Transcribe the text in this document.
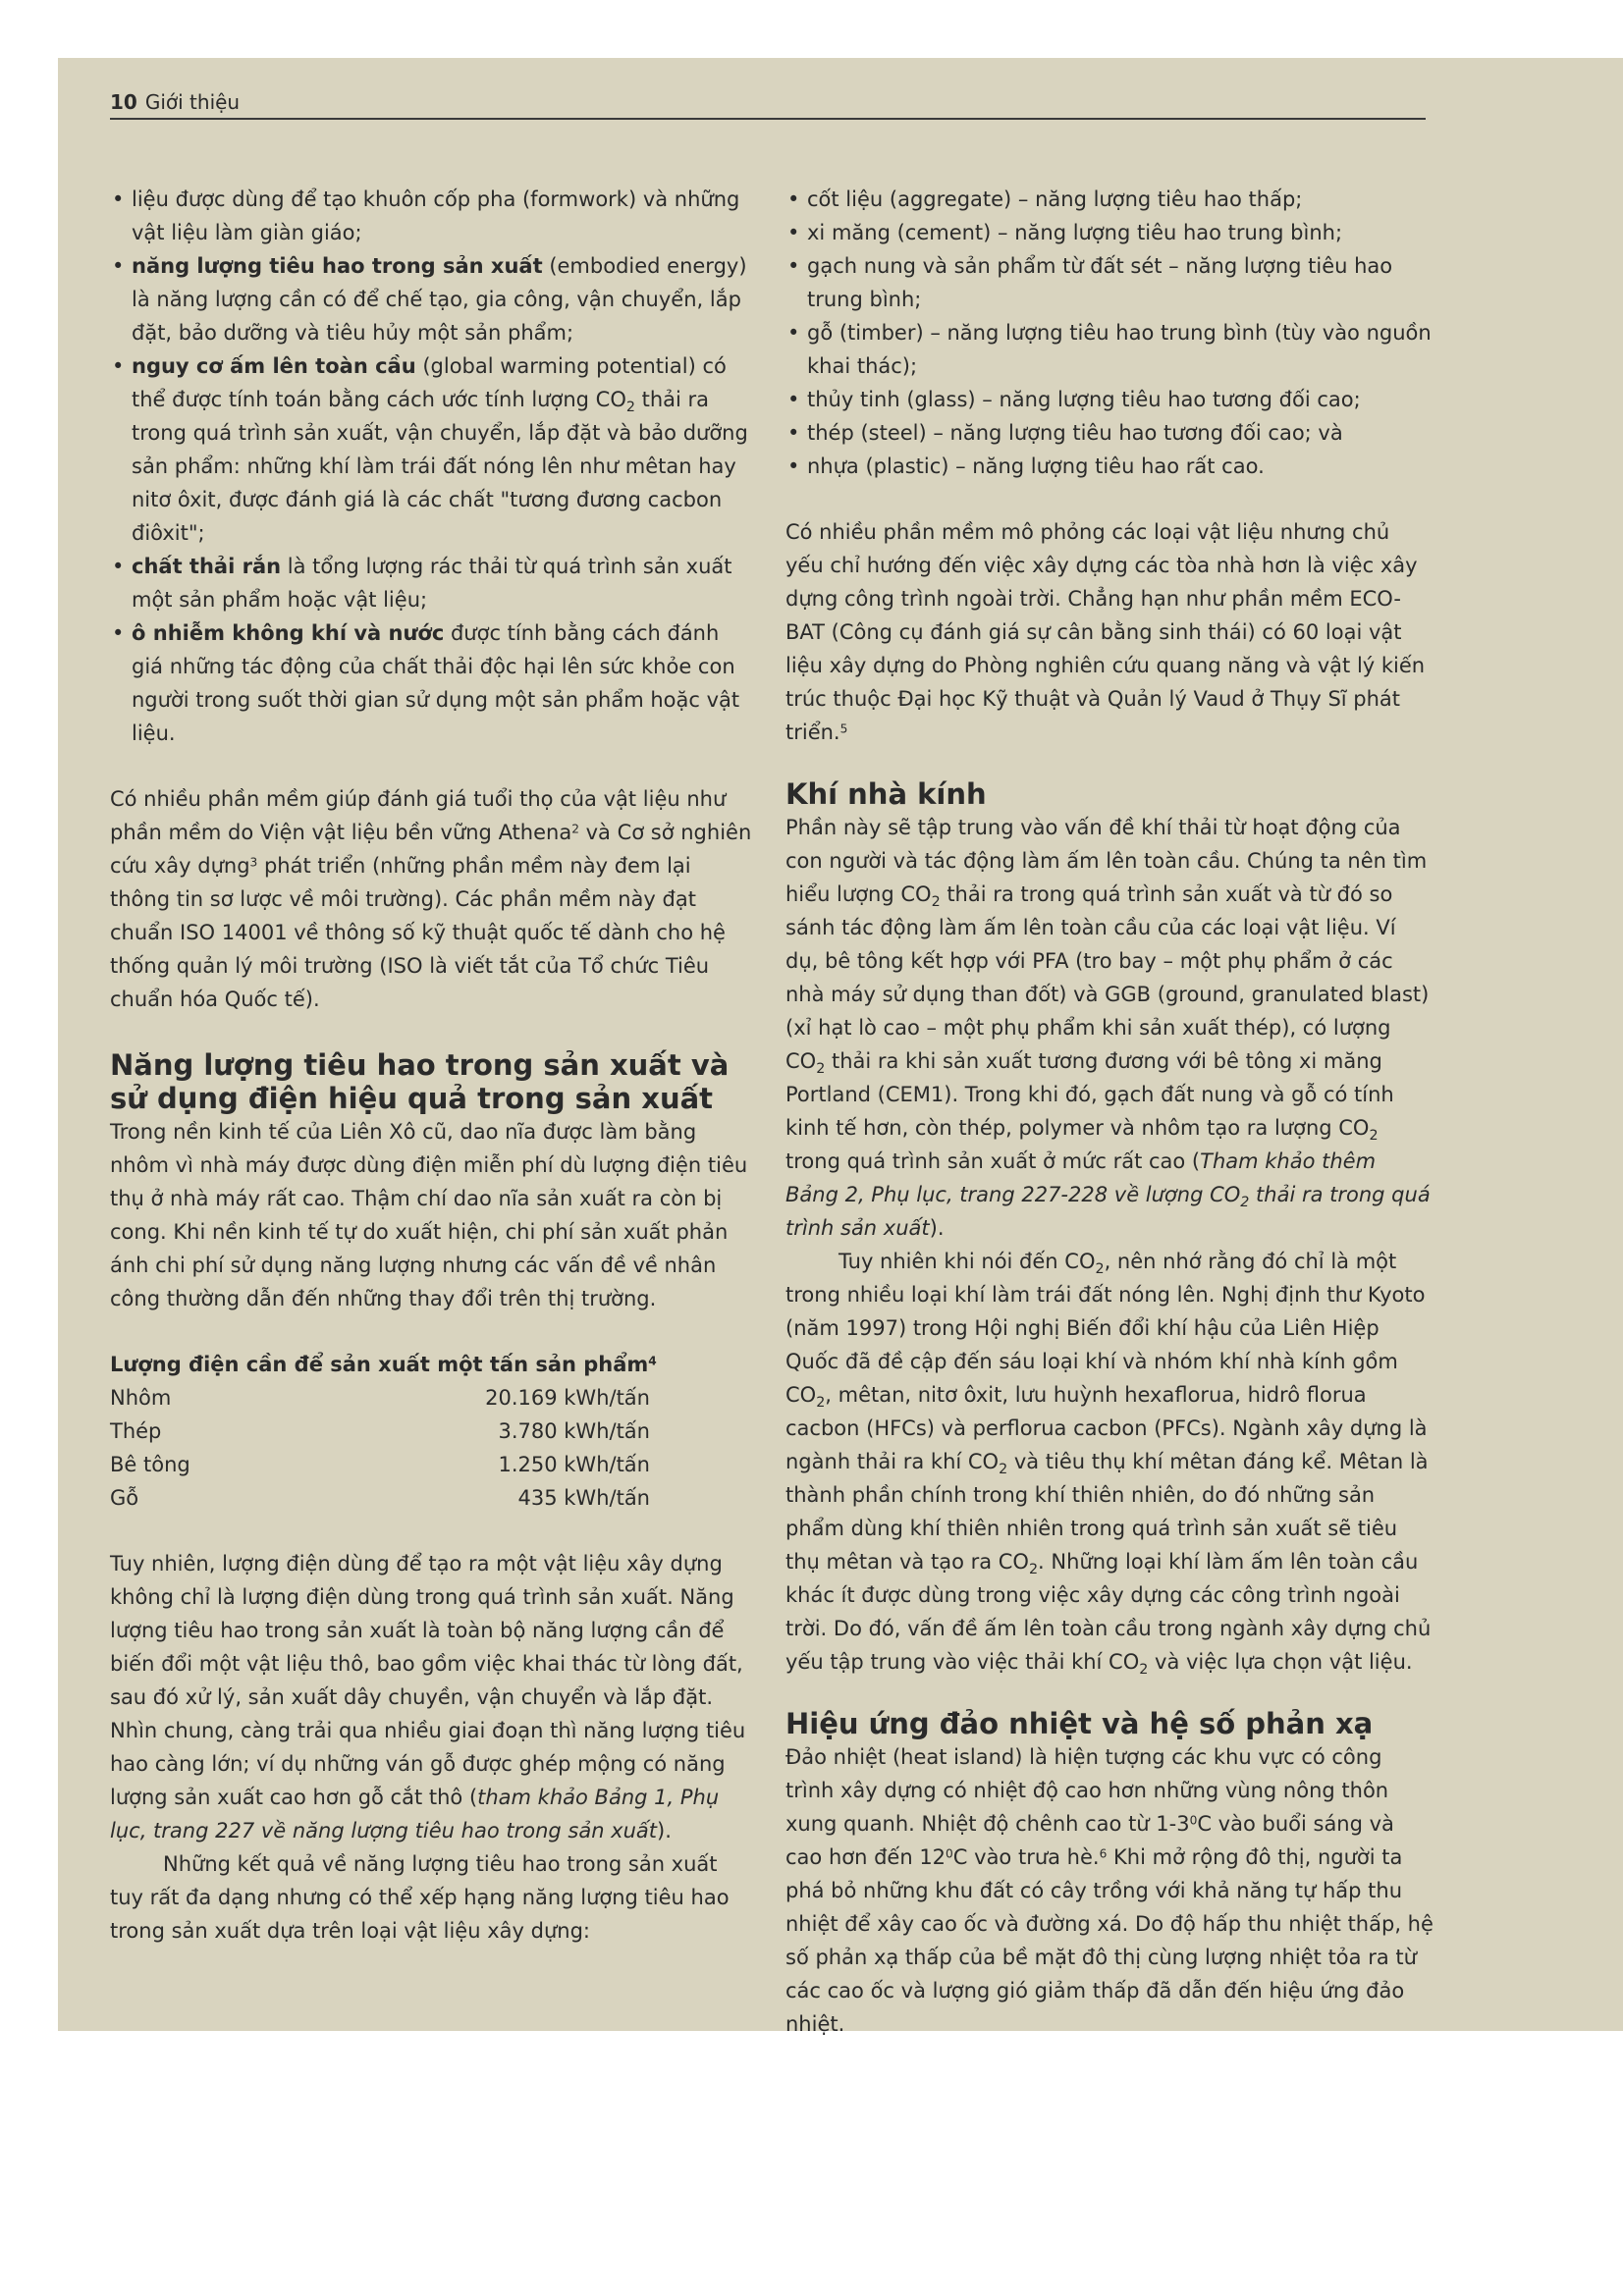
10 Giới thiệu
• liệu được dùng để tạo khuôn cốp pha (formwork) và những vật liệu làm giàn giáo;
• năng lượng tiêu hao trong sản xuất (embodied energy) là năng lượng cần có để chế tạo, gia công, vận chuyển, lắp đặt, bảo dưỡng và tiêu hủy một sản phẩm;
• nguy cơ ấm lên toàn cầu (global warming potential) có thể được tính toán bằng cách ước tính lượng $CO_2$ thải ra trong quá trình sản xuất, vận chuyển, lắp đặt và bảo dưỡng sản phẩm: những khí làm trái đất nóng lên như mêtan hay nitơ ôxit, được đánh giá là các chất "tương đương cacbon điôxit";
• chất thải rắn là tổng lượng rác thải từ quá trình sản xuất một sản phẩm hoặc vật liệu;
• ô nhiễm không khí và nước được tính bằng cách đánh giá những tác động của chất thải độc hại lên sức khỏe con người trong suốt thời gian sử dụng một sản phẩm hoặc vật liệu.

Có nhiều phần mềm giúp đánh giá tuổi thọ của vật liệu như phần mềm do Viện vật liệu bền vững Athena$^2$ và Cơ sở nghiên cứu xây dựng$^3$ phát triển (những phần mềm này đem lại thông tin sơ lược về môi trường). Các phần mềm này đạt chuẩn ISO 14001 về thông số kỹ thuật quốc tế dành cho hệ thống quản lý môi trường (ISO là viết tắt của Tổ chức Tiêu chuẩn hóa Quốc tế).

Năng lượng tiêu hao trong sản xuất và sử dụng điện hiệu quả trong sản xuất

Trong nền kinh tế của Liên Xô cũ, dao nĩa được làm bằng nhôm vì nhà máy được dùng điện miễn phí dù lượng điện tiêu thụ ở nhà máy rất cao. Thậm chí dao nĩa sản xuất ra còn bị cong. Khi nền kinh tế tự do xuất hiện, chi phí sản xuất phản ánh chi phí sử dụng năng lượng nhưng các vấn đề về nhân công thường dẫn đến những thay đổi trên thị trường.

Lượng điện cần để sản xuất một tấn sản phẩm$^4$
Nhôm	20.169 kWh/tấn
Thép	3.780 kWh/tấn
Bê tông	1.250 kWh/tấn
Gỗ	435 kWh/tấn

Tuy nhiên, lượng điện dùng để tạo ra một vật liệu xây dựng không chỉ là lượng điện dùng trong quá trình sản xuất. Năng lượng tiêu hao trong sản xuất là toàn bộ năng lượng cần để biến đổi một vật liệu thô, bao gồm việc khai thác từ lòng đất, sau đó xử lý, sản xuất dây chuyền, vận chuyển và lắp đặt. Nhìn chung, càng trải qua nhiều giai đoạn thì năng lượng tiêu hao càng lớn; ví dụ những ván gỗ được ghép mộng có năng lượng sản xuất cao hơn gỗ cắt thô (tham khảo Bảng 1, Phụ lục, trang 227 về năng lượng tiêu hao trong sản xuất).

Những kết quả về năng lượng tiêu hao trong sản xuất tuy rất đa dạng nhưng có thể xếp hạng năng lượng tiêu hao trong sản xuất dựa trên loại vật liệu xây dựng:

• cốt liệu (aggregate) – năng lượng tiêu hao thấp;
• xi măng (cement) – năng lượng tiêu hao trung bình;
• gạch nung và sản phẩm từ đất sét – năng lượng tiêu hao trung bình;
• gỗ (timber) – năng lượng tiêu hao trung bình (tùy vào nguồn khai thác);
• thủy tinh (glass) – năng lượng tiêu hao tương đối cao;
• thép (steel) – năng lượng tiêu hao tương đối cao; và
• nhựa (plastic) – năng lượng tiêu hao rất cao.

Có nhiều phần mềm mô phỏng các loại vật liệu nhưng chủ yếu chỉ hướng đến việc xây dựng các tòa nhà hơn là việc xây dựng công trình ngoài trời. Chẳng hạn như phần mềm ECO-BAT (Công cụ đánh giá sự cân bằng sinh thái) có 60 loại vật liệu xây dựng do Phòng nghiên cứu quang năng và vật lý kiến trúc thuộc Đại học Kỹ thuật và Quản lý Vaud ở Thụy Sĩ phát triển.$^5$

Khí nhà kính

Phần này sẽ tập trung vào vấn đề khí thải từ hoạt động của con người và tác động làm ấm lên toàn cầu. Chúng ta nên tìm hiểu lượng $CO_2$ thải ra trong quá trình sản xuất và từ đó so sánh tác động làm ấm lên toàn cầu của các loại vật liệu. Ví dụ, bê tông kết hợp với PFA (tro bay – một phụ phẩm ở các nhà máy sử dụng than đốt) và GGB (ground, granulated blast) (xỉ hạt lò cao – một phụ phẩm khi sản xuất thép), có lượng $CO_2$ thải ra khi sản xuất tương đương với bê tông xi măng Portland (CEM1). Trong khi đó, gạch đất nung và gỗ có tính kinh tế hơn, còn thép, polymer và nhôm tạo ra lượng $CO_2$ trong quá trình sản xuất ở mức rất cao (Tham khảo thêm Bảng 2, Phụ lục, trang 227-228 về lượng $CO_2$ thải ra trong quá trình sản xuất).

Tuy nhiên khi nói đến $CO_2$, nên nhớ rằng đó chỉ là một trong nhiều loại khí làm trái đất nóng lên. Nghị định thư Kyoto (năm 1997) trong Hội nghị Biến đổi khí hậu của Liên Hiệp Quốc đã đề cập đến sáu loại khí và nhóm khí nhà kính gồm $CO_2$, mêtan, nitơ ôxit, lưu huỳnh hexaflorua, hidrô florua cacbon (HFCs) và perflorua cacbon (PFCs). Ngành xây dựng là ngành thải ra khí $CO_2$ và tiêu thụ khí mêtan đáng kể. Mêtan là thành phần chính trong khí thiên nhiên, do đó những sản phẩm dùng khí thiên nhiên trong quá trình sản xuất sẽ tiêu thụ mêtan và tạo ra $CO_2$. Những loại khí làm ấm lên toàn cầu khác ít được dùng trong việc xây dựng các công trình ngoài trời. Do đó, vấn đề ấm lên toàn cầu trong ngành xây dựng chủ yếu tập trung vào việc thải khí $CO_2$ và việc lựa chọn vật liệu.

Hiệu ứng đảo nhiệt và hệ số phản xạ

Đảo nhiệt (heat island) là hiện tượng các khu vực có công trình xây dựng có nhiệt độ cao hơn những vùng nông thôn xung quanh. Nhiệt độ chênh cao từ $1-3^0C$ vào buổi sáng và cao hơn đến $12^0C$ vào trưa hè.$^6$ Khi mở rộng đô thị, người ta phá bỏ những khu đất có cây trồng với khả năng tự hấp thu nhiệt để xây cao ốc và đường xá. Do độ hấp thu nhiệt thấp, hệ số phản xạ thấp của bề mặt đô thị cùng lượng nhiệt tỏa ra từ các cao ốc và lượng gió giảm thấp đã dẫn đến hiệu ứng đảo nhiệt.
